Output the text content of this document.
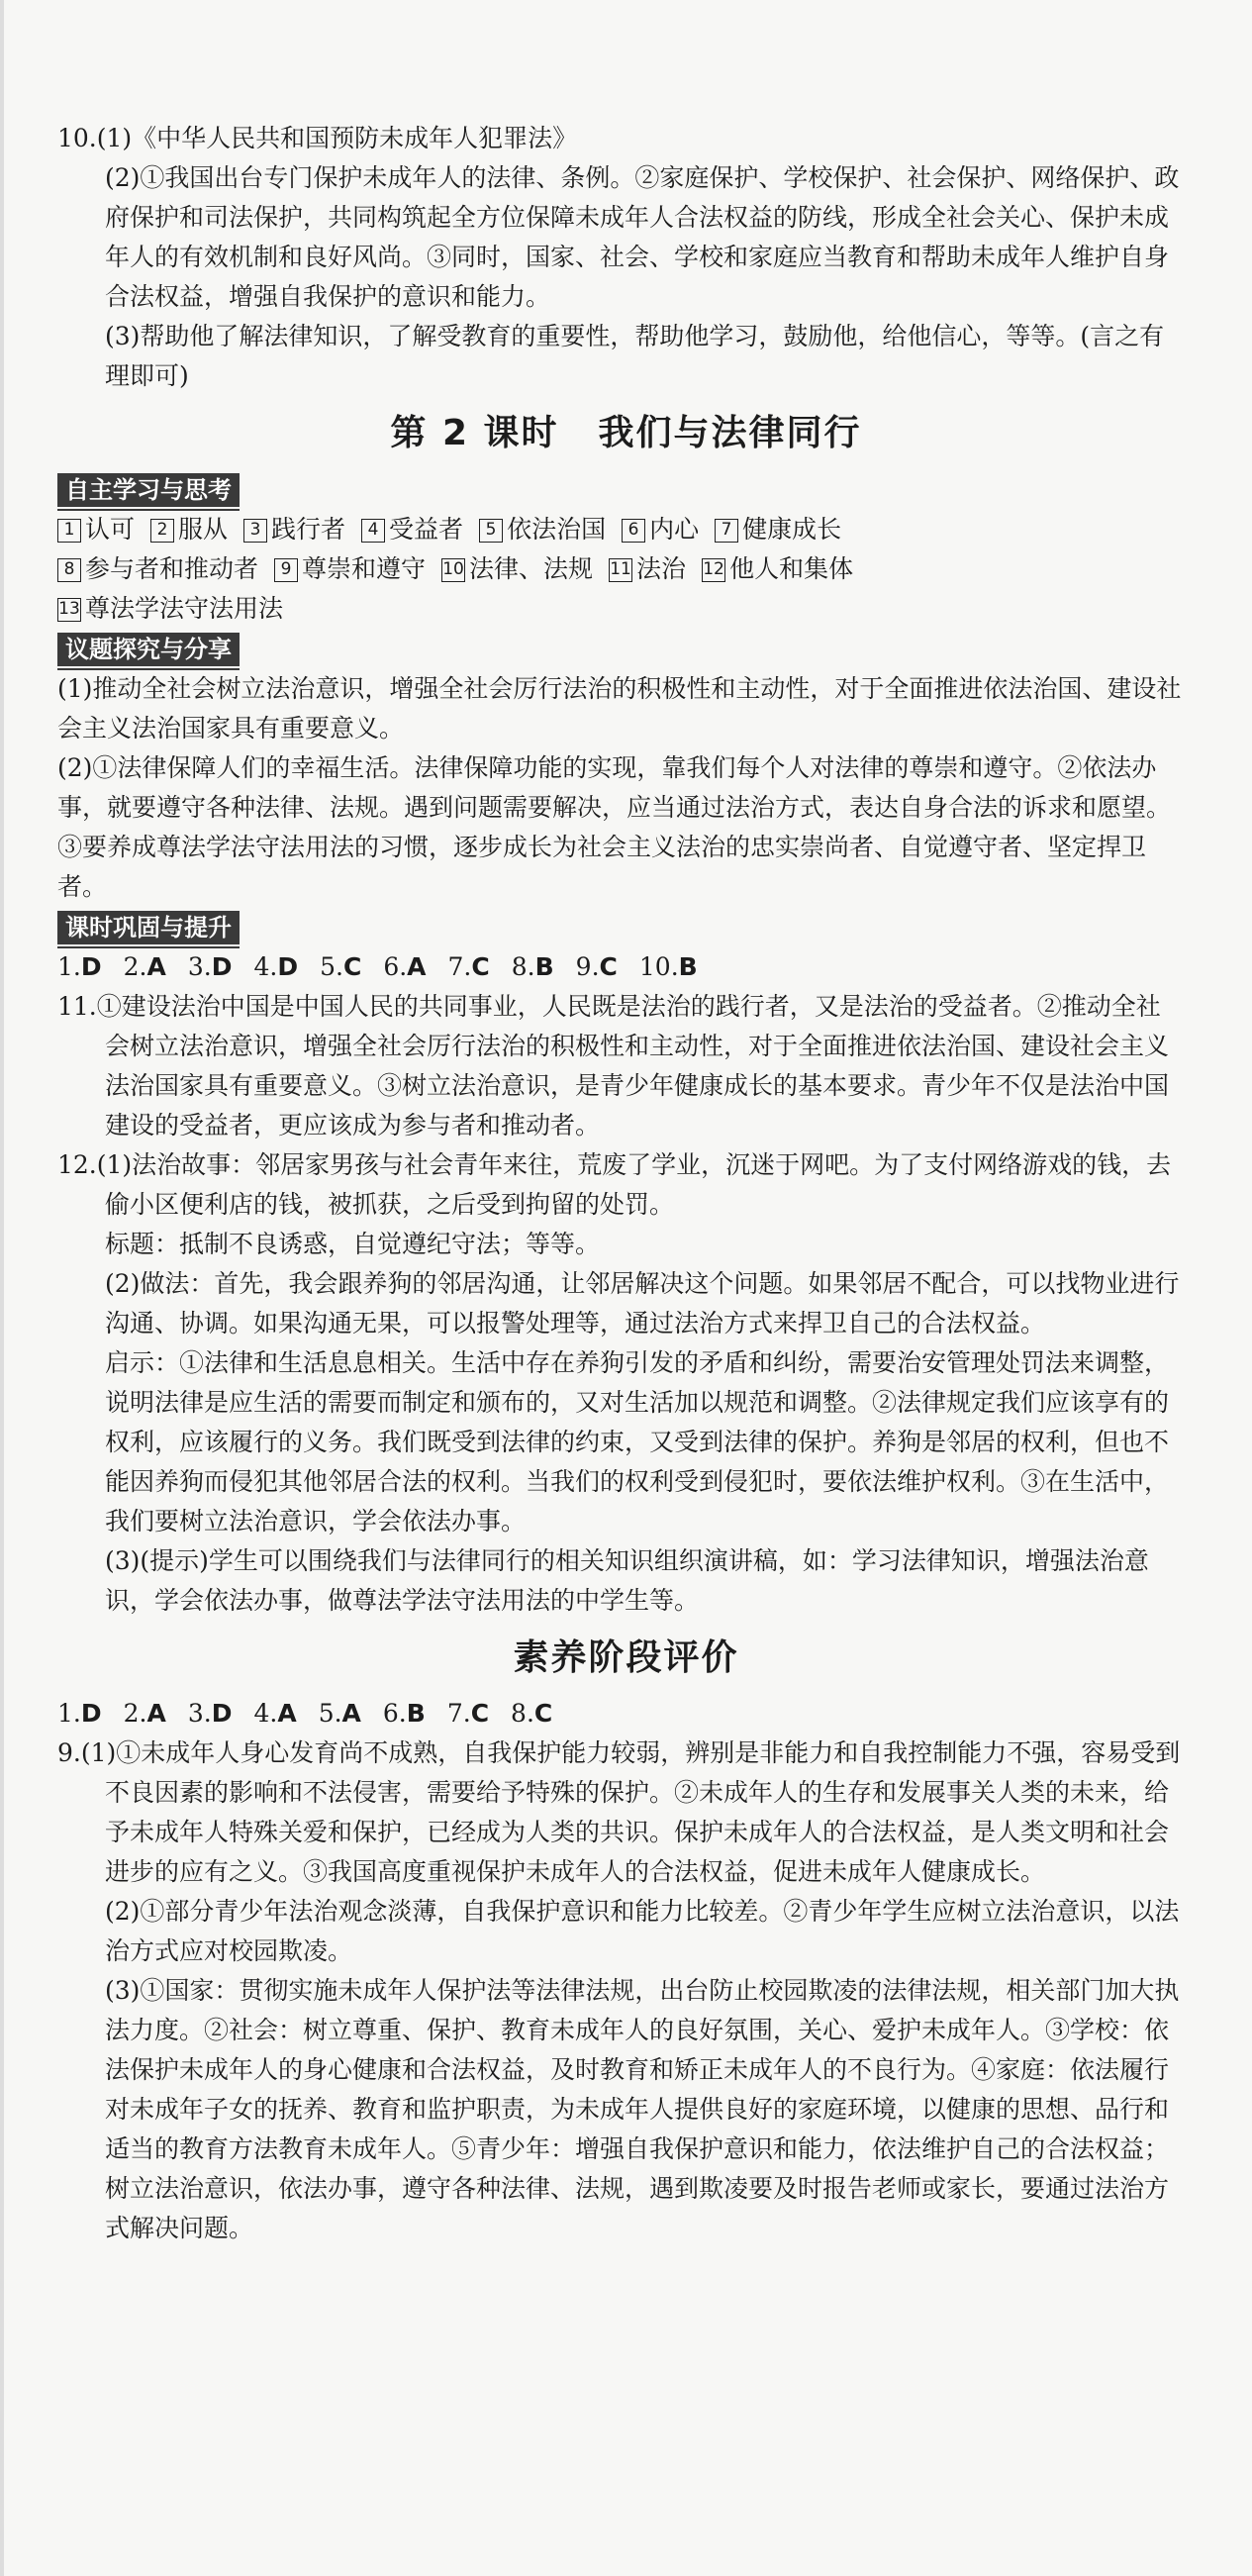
10.(1)《中华人民共和国预防未成年人犯罪法》

(2)①我国出台专门保护未成年人的法律、条例。②家庭保护、学校保护、社会保护、网络保护、政府保护和司法保护，共同构筑起全方位保障未成年人合法权益的防线，形成全社会关心、保护未成年人的有效机制和良好风尚。③同时，国家、社会、学校和家庭应当教育和帮助未成年人维护自身合法权益，增强自我保护的意识和能力。

(3)帮助他了解法律知识，了解受教育的重要性，帮助他学习，鼓励他，给他信心，等等。(言之有理即可)

第 2 课时 我们与法律同行
自主学习与思考
1 认可 2 服从 3 践行者 4 受益者 5 依法治国 6 内心 7 健康成长
8 参与者和推动者 9 尊崇和遵守 10 法律、法规 11 法治 12 他人和集体
13 尊法学法守法用法
议题探究与分享

(1)推动全社会树立法治意识，增强全社会厉行法治的积极性和主动性，对于全面推进依法治国、建设社会主义法治国家具有重要意义。

(2)①法律保障人们的幸福生活。法律保障功能的实现，靠我们每个人对法律的尊崇和遵守。②依法办事，就要遵守各种法律、法规。遇到问题需要解决，应当通过法治方式，表达自身合法的诉求和愿望。③要养成尊法学法守法用法的习惯，逐步成长为社会主义法治的忠实崇尚者、自觉遵守者、坚定捍卫者。

课时巩固与提升

1.D 2.A 3.D 4.D 5.C 6.A 7.C 8.B 9.C 10.B

11.①建设法治中国是中国人民的共同事业，人民既是法治的践行者，又是法治的受益者。②推动全社会树立法治意识，增强全社会厉行法治的积极性和主动性，对于全面推进依法治国、建设社会主义法治国家具有重要意义。③树立法治意识，是青少年健康成长的基本要求。青少年不仅是法治中国建设的受益者，更应该成为参与者和推动者。

12.(1)法治故事：邻居家男孩与社会青年来往，荒废了学业，沉迷于网吧。为了支付网络游戏的钱，去偷小区便利店的钱，被抓获，之后受到拘留的处罚。

标题：抵制不良诱惑，自觉遵纪守法；等等。

(2)做法：首先，我会跟养狗的邻居沟通，让邻居解决这个问题。如果邻居不配合，可以找物业进行沟通、协调。如果沟通无果，可以报警处理等，通过法治方式来捍卫自己的合法权益。

启示：①法律和生活息息相关。生活中存在养狗引发的矛盾和纠纷，需要治安管理处罚法来调整，说明法律是应生活的需要而制定和颁布的，又对生活加以规范和调整。②法律规定我们应该享有的权利，应该履行的义务。我们既受到法律的约束，又受到法律的保护。养狗是邻居的权利，但也不能因养狗而侵犯其他邻居合法的权利。当我们的权利受到侵犯时，要依法维护权利。③在生活中，我们要树立法治意识，学会依法办事。

(3)(提示)学生可以围绕我们与法律同行的相关知识组织演讲稿，如：学习法律知识，增强法治意识，学会依法办事，做尊法学法守法用法的中学生等。

素养阶段评价

1.D 2.A 3.D 4.A 5.A 6.B 7.C 8.C

9.(1)①未成年人身心发育尚不成熟，自我保护能力较弱，辨别是非能力和自我控制能力不强，容易受到不良因素的影响和不法侵害，需要给予特殊的保护。②未成年人的生存和发展事关人类的未来，给予未成年人特殊关爱和保护，已经成为人类的共识。保护未成年人的合法权益，是人类文明和社会进步的应有之义。③我国高度重视保护未成年人的合法权益，促进未成年人健康成长。

(2)①部分青少年法治观念淡薄，自我保护意识和能力比较差。②青少年学生应树立法治意识，以法治方式应对校园欺凌。

(3)①国家：贯彻实施未成年人保护法等法律法规，出台防止校园欺凌的法律法规，相关部门加大执法力度。②社会：树立尊重、保护、教育未成年人的良好氛围，关心、爱护未成年人。③学校：依法保护未成年人的身心健康和合法权益，及时教育和矫正未成年人的不良行为。④家庭：依法履行对未成年子女的抚养、教育和监护职责，为未成年人提供良好的家庭环境，以健康的思想、品行和适当的教育方法教育未成年人。⑤青少年：增强自我保护意识和能力，依法维护自己的合法权益；树立法治意识，依法办事，遵守各种法律、法规，遇到欺凌要及时报告老师或家长，要通过法治方式解决问题。
